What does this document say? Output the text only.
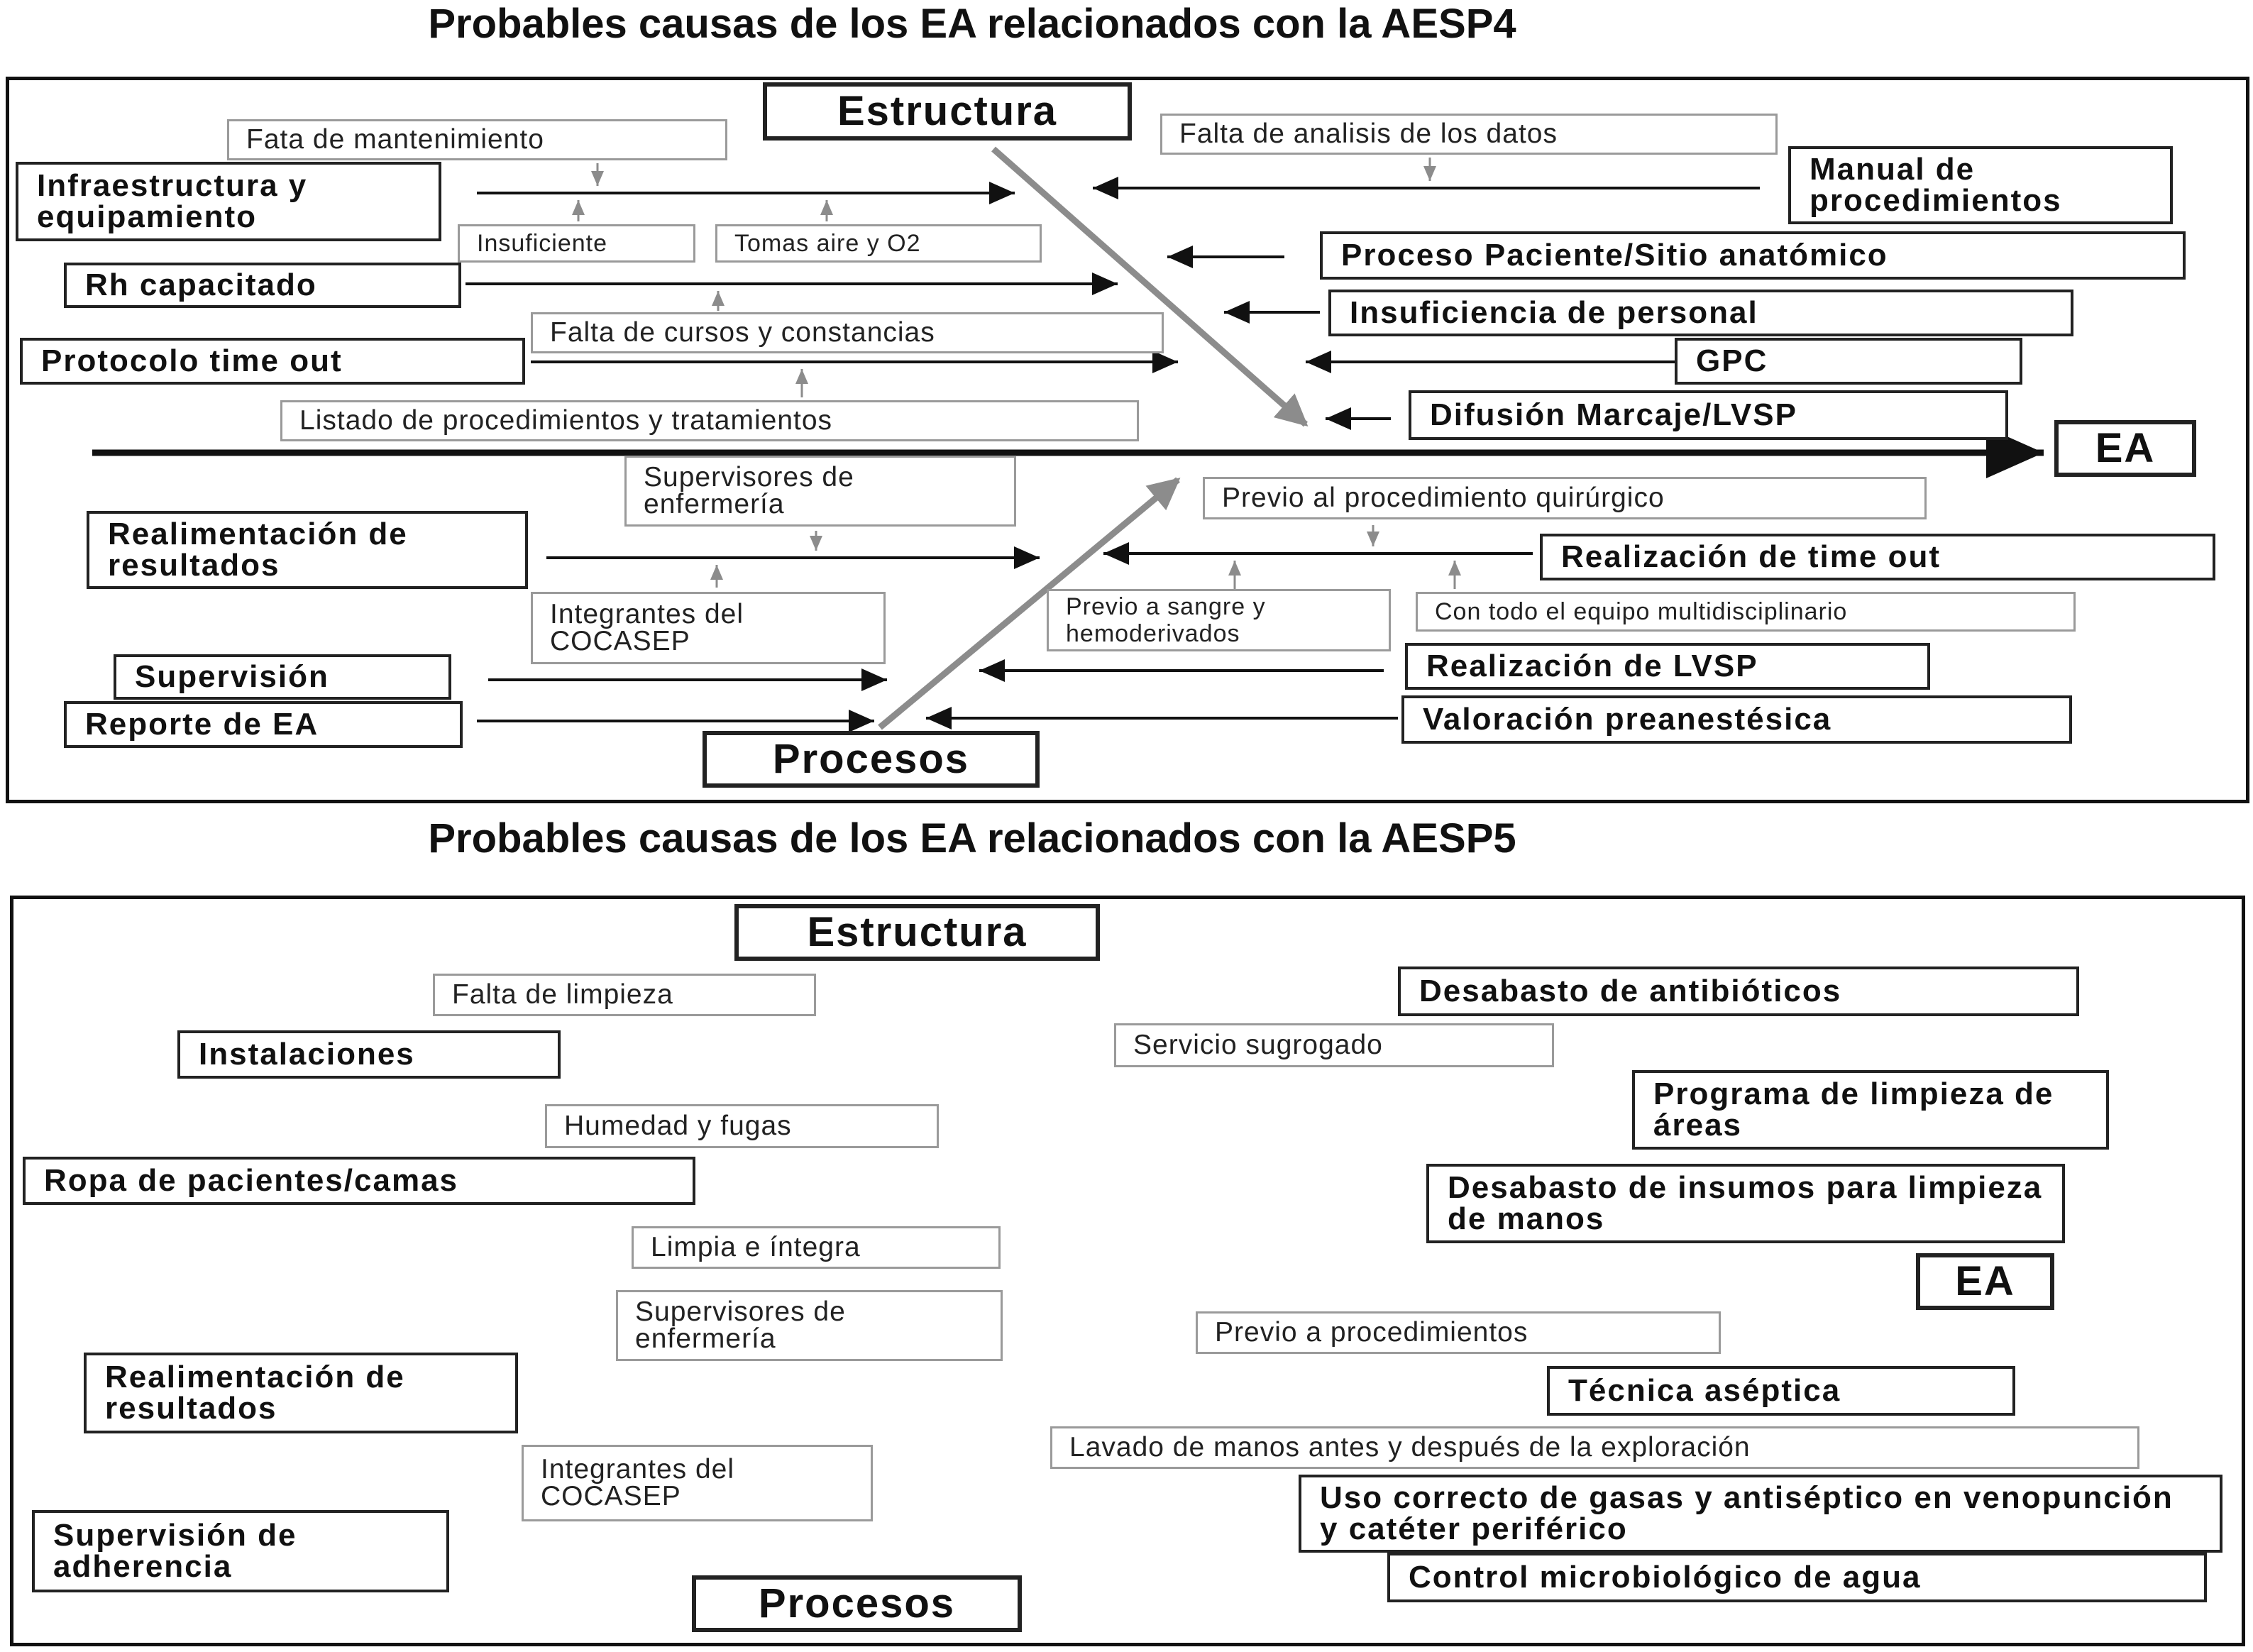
Probables causas de los EA relacionados con la AESP4
Estructura
Procesos
EA
Infraestructura y equipamiento
Rh capacitado
Protocolo time out
Manual de procedimientos
Proceso Paciente/Sitio anatómico
Insuficiencia de personal
GPC
Difusión Marcaje/LVSP
Realimentación de resultados
Supervisión
Reporte de EA
Realización de time out
Realización de LVSP
Valoración preanestésica
Fata de mantenimiento
Insuficiente	Tomas aire y O2
Falta de cursos y constancias
Listado de procedimientos y tratamientos
Falta de analisis de los datos
Supervisores de enfermería
Integrantes del COCASEP
Previo al procedimiento quirúrgico
Previo a sangre y hemoderivados
Con todo el equipo multidisciplinario
Probables causas de los EA relacionados con la AESP5
Estructura
Procesos
EA
Instalaciones
Ropa de pacientes/camas
Desabasto de antibióticos
Programa de limpieza de áreas
Desabasto de insumos para limpieza de manos
Realimentación de resultados
Supervisión de adherencia
Técnica aséptica
Uso correcto de gasas y antiséptico en venopunción y catéter periférico
Control microbiológico de agua
Falta de limpieza
Humedad y fugas
Limpia e íntegra
Servicio sugrogado
Supervisores de enfermería
Integrantes del COCASEP
Previo a procedimientos
Lavado de manos antes y después de la exploración
